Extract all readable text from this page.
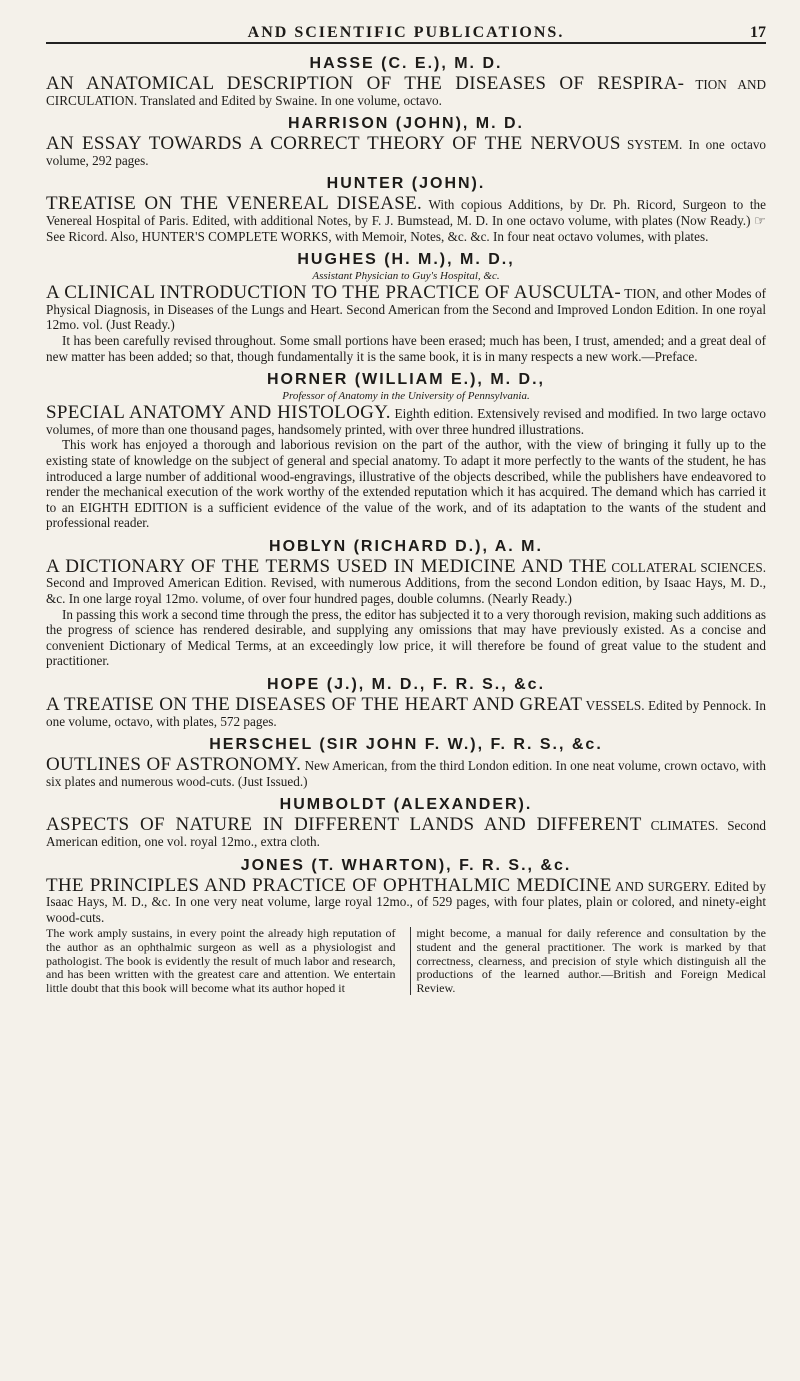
AND SCIENTIFIC PUBLICATIONS.	17
HASSE (C. E.), M. D.

AN ANATOMICAL DESCRIPTION OF THE DISEASES OF RESPIRA- TION AND CIRCULATION. Translated and Edited by Swaine. In one volume, octavo.

HARRISON (JOHN), M. D.

AN ESSAY TOWARDS A CORRECT THEORY OF THE NERVOUS SYSTEM. In one octavo volume, 292 pages.

HUNTER (JOHN).

TREATISE ON THE VENEREAL DISEASE. With copious Additions, by Dr. Ph. Ricord, Surgeon to the Venereal Hospital of Paris. Edited, with additional Notes, by F. J. Bumstead, M. D. In one octavo volume, with plates (Now Ready.) ☞ See Ricord. Also, HUNTER'S COMPLETE WORKS, with Memoir, Notes, &c. &c. In four neat octavo volumes, with plates.

HUGHES (H. M.), M. D.,
Assistant Physician to Guy's Hospital, &c.

A CLINICAL INTRODUCTION TO THE PRACTICE OF AUSCULTA- TION, and other Modes of Physical Diagnosis, in Diseases of the Lungs and Heart. Second American from the Second and Improved London Edition. In one royal 12mo. vol. (Just Ready.)

It has been carefully revised throughout. Some small portions have been erased; much has been, I trust, amended; and a great deal of new matter has been added; so that, though fundamentally it is the same book, it is in many respects a new work.—Preface.

HORNER (WILLIAM E.), M. D.,
Professor of Anatomy in the University of Pennsylvania.

SPECIAL ANATOMY AND HISTOLOGY. Eighth edition. Extensively revised and modified. In two large octavo volumes, of more than one thousand pages, handsomely printed, with over three hundred illustrations.

This work has enjoyed a thorough and laborious revision on the part of the author, with the view of bringing it fully up to the existing state of knowledge on the subject of general and special anatomy. To adapt it more perfectly to the wants of the student, he has introduced a large number of additional wood-engravings, illustrative of the objects described, while the publishers have endeavored to render the mechanical execution of the work worthy of the extended reputation which it has acquired. The demand which has carried it to an EIGHTH EDITION is a sufficient evidence of the value of the work, and of its adaptation to the wants of the student and professional reader.

HOBLYN (RICHARD D.), A. M.

A DICTIONARY OF THE TERMS USED IN MEDICINE AND THE COLLATERAL SCIENCES. Second and Improved American Edition. Revised, with numerous Additions, from the second London edition, by Isaac Hays, M. D., &c. In one large royal 12mo. volume, of over four hundred pages, double columns. (Nearly Ready.)

In passing this work a second time through the press, the editor has subjected it to a very thorough revision, making such additions as the progress of science has rendered desirable, and supplying any omissions that may have previously existed. As a concise and convenient Dictionary of Medical Terms, at an exceedingly low price, it will therefore be found of great value to the student and practitioner.

HOPE (J.), M. D., F. R. S., &c.

A TREATISE ON THE DISEASES OF THE HEART AND GREAT VESSELS. Edited by Pennock. In one volume, octavo, with plates, 572 pages.

HERSCHEL (SIR JOHN F. W.), F. R. S., &c.

OUTLINES OF ASTRONOMY. New American, from the third London edition. In one neat volume, crown octavo, with six plates and numerous wood-cuts. (Just Issued.)

HUMBOLDT (ALEXANDER).

ASPECTS OF NATURE IN DIFFERENT LANDS AND DIFFERENT CLIMATES. Second American edition, one vol. royal 12mo., extra cloth.

JONES (T. WHARTON), F. R. S., &c.

THE PRINCIPLES AND PRACTICE OF OPHTHALMIC MEDICINE AND SURGERY. Edited by Isaac Hays, M. D., &c. In one very neat volume, large royal 12mo., of 529 pages, with four plates, plain or colored, and ninety-eight wood-cuts.

The work amply sustains, in every point the already high reputation of the author as an ophthalmic surgeon as well as a physiologist and pathologist. The book is evidently the result of much labor and research, and has been written with the greatest care and attention. We entertain little doubt that this book will become what its author hoped it
might become, a manual for daily reference and consultation by the student and the general practitioner. The work is marked by that correctness, clearness, and precision of style which distinguish all the productions of the learned author.—British and Foreign Medical Review.
